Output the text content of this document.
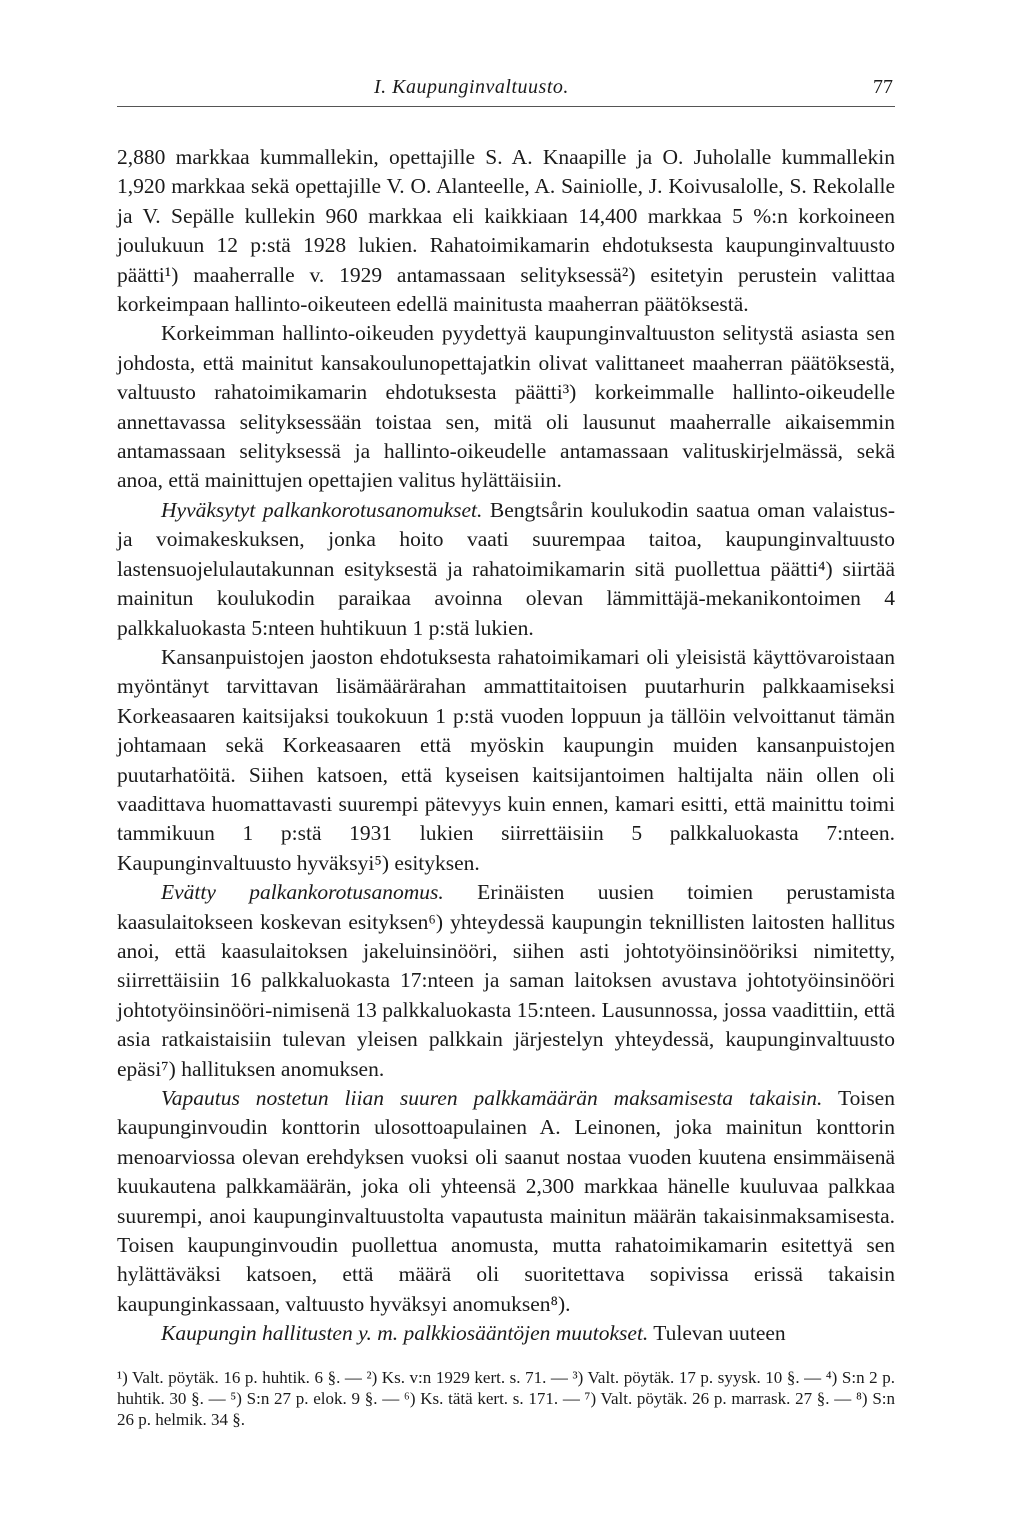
I. Kaupunginvaltuusto.	77

2,880 markkaa kummallekin, opettajille S. A. Knaapille ja O. Juholalle kummallekin 1,920 markkaa sekä opettajille V. O. Alanteelle, A. Sainiolle, J. Koivusalolle, S. Rekolalle ja V. Sepälle kullekin 960 markkaa eli kaikkiaan 14,400 markkaa 5 %:n korkoineen joulukuun 12 p:stä 1928 lukien. Rahatoimikamarin ehdotuksesta kaupunginvaltuusto päätti¹) maaherralle v. 1929 antamassaan selityksessä²) esitetyin perustein valittaa korkeimpaan hallinto-oikeuteen edellä mainitusta maaherran päätöksestä.

Korkeimman hallinto-oikeuden pyydettyä kaupunginvaltuuston selitystä asiasta sen johdosta, että mainitut kansakoulunopettajatkin olivat valittaneet maaherran päätöksestä, valtuusto rahatoimikamarin ehdotuksesta päätti³) korkeimmalle hallinto-oikeudelle annettavassa selityksessään toistaa sen, mitä oli lausunut maaherralle aikaisemmin antamassaan selityksessä ja hallinto-oikeudelle antamassaan valituskirjelmässä, sekä anoa, että mainittujen opettajien valitus hylättäisiin.

Hyväksytyt palkankorotusanomukset. Bengtsårin koulukodin saatua oman valaistus- ja voimakeskuksen, jonka hoito vaati suurempaa taitoa, kaupunginvaltuusto lastensuojelulautakunnan esityksestä ja rahatoimikamarin sitä puollettua päätti⁴) siirtää mainitun koulukodin paraikaa avoinna olevan lämmittäjä-mekanikontoimen 4 palkkaluokasta 5:nteen huhtikuun 1 p:stä lukien.

Kansanpuistojen jaoston ehdotuksesta rahatoimikamari oli yleisistä käyttövaroistaan myöntänyt tarvittavan lisämäärärahan ammattitaitoisen puutarhurin palkkaamiseksi Korkeasaaren kaitsijaksi toukokuun 1 p:stä vuoden loppuun ja tällöin velvoittanut tämän johtamaan sekä Korkeasaaren että myöskin kaupungin muiden kansanpuistojen puutarhatöitä. Siihen katsoen, että kyseisen kaitsijantoimen haltijalta näin ollen oli vaadittava huomattavasti suurempi pätevyys kuin ennen, kamari esitti, että mainittu toimi tammikuun 1 p:stä 1931 lukien siirrettäisiin 5 palkkaluokasta 7:nteen. Kaupunginvaltuusto hyväksyi⁵) esityksen.

Evätty palkankorotusanomus. Erinäisten uusien toimien perustamista kaasulaitokseen koskevan esityksen⁶) yhteydessä kaupungin teknillisten laitosten hallitus anoi, että kaasulaitoksen jakeluinsinööri, siihen asti johtotyöinsinööriksi nimitetty, siirrettäisiin 16 palkkaluokasta 17:nteen ja saman laitoksen avustava johtotyöinsinööri johtotyöinsinööri-nimisenä 13 palkkaluokasta 15:nteen. Lausunnossa, jossa vaadittiin, että asia ratkaistaisiin tulevan yleisen palkkain järjestelyn yhteydessä, kaupunginvaltuusto epäsi⁷) hallituksen anomuksen.

Vapautus nostetun liian suuren palkkamäärän maksamisesta takaisin. Toisen kaupunginvoudin konttorin ulosottoapulainen A. Leinonen, joka mainitun konttorin menoarviossa olevan erehdyksen vuoksi oli saanut nostaa vuoden kuutena ensimmäisenä kuukautena palkkamäärän, joka oli yhteensä 2,300 markkaa hänelle kuuluvaa palkkaa suurempi, anoi kaupunginvaltuustolta vapautusta mainitun määrän takaisinmaksamisesta. Toisen kaupunginvoudin puollettua anomusta, mutta rahatoimikamarin esitettyä sen hylättäväksi katsoen, että määrä oli suoritettava sopivissa erissä takaisin kaupunginkassaan, valtuusto hyväksyi anomuksen⁸).

Kaupungin hallitusten y. m. palkkiosääntöjen muutokset. Tulevan uuteen

¹) Valt. pöytäk. 16 p. huhtik. 6 §. — ²) Ks. v:n 1929 kert. s. 71. — ³) Valt. pöytäk. 17 p. syysk. 10 §. — ⁴) S:n 2 p. huhtik. 30 §. — ⁵) S:n 27 p. elok. 9 §. — ⁶) Ks. tätä kert. s. 171. — ⁷) Valt. pöytäk. 26 p. marrask. 27 §. — ⁸) S:n 26 p. helmik. 34 §.
